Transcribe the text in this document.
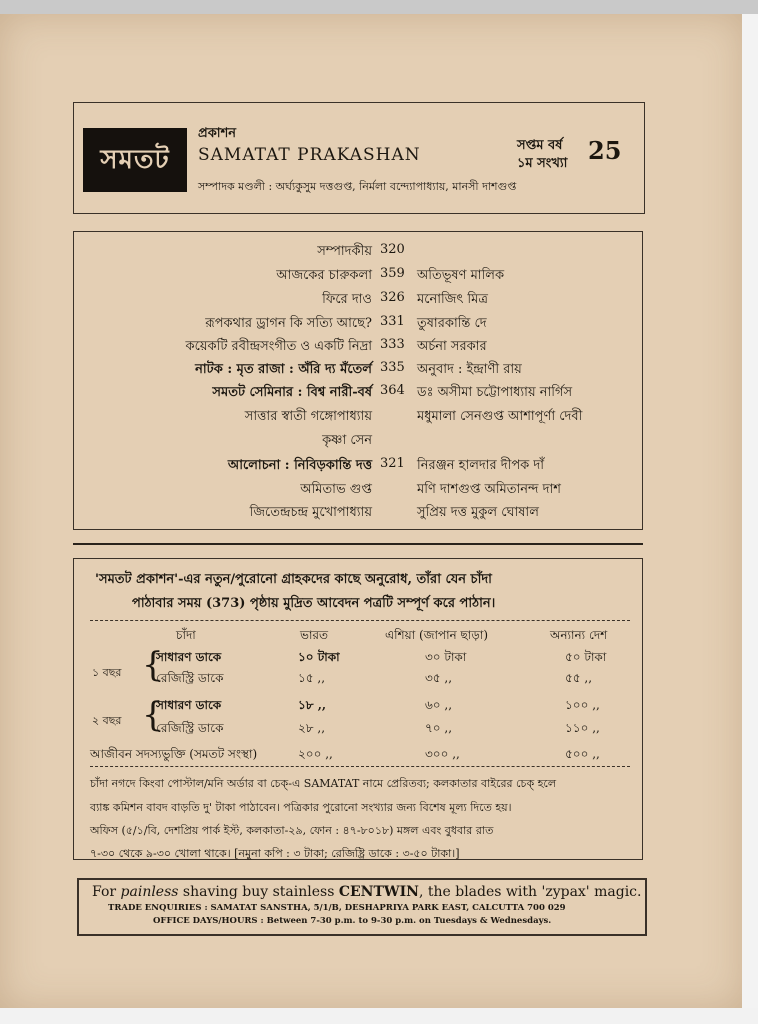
সমতট
প্রকাশন
SAMATAT PRAKASHAN	সপ্তম বর্ষ
১ম সংখ্যা 25
সম্পাদক মণ্ডলী : অর্ঘ্যকুসুম দত্তগুপ্ত, নির্মলা বন্দ্যোপাধ্যায়, মানসী দাশগুপ্ত
সম্পাদকীয় 320
আজকের চারুকলা 359 অতিভূষণ মালিক
ফিরে দাও 326 মনোজিৎ মিত্র
রূপকথার ড্রাগন কি সত্যি আছে? 331 তুষারকান্তি দে
কয়েকটি রবীন্দ্রসংগীত ও একটি নিদ্রা 333 অর্চনা সরকার
নাটক : মৃত রাজা : অঁরি দ্য মঁতের্ল 335 অনুবাদ : ইন্দ্রাণী রায়
সমতট সেমিনার : বিশ্ব নারী-বর্ষ 364 ডঃ অসীমা চট্টোপাধ্যায় নার্গিস
সাত্তার স্বাতী গঙ্গোপাধ্যায়	মধুমালা সেনগুপ্ত আশাপূর্ণা দেবী
কৃষ্ণা সেন
আলোচনা : নিবিড়কান্তি দত্ত 321 নিরঞ্জন হালদার দীপক দাঁ
অমিতাভ গুপ্ত	মণি দাশগুপ্ত অমিতানন্দ দাশ
জিতেন্দ্রচন্দ্র মুখোপাধ্যায়	সুপ্রিয় দত্ত মুকুল ঘোষাল
'সমতট প্রকাশন'-এর নতুন/পুরোনো গ্রাহকদের কাছে অনুরোধ, তাঁরা যেন চাঁদা
পাঠাবার সময় (373) পৃষ্ঠায় মুদ্রিত আবেদন পত্রটি সম্পূর্ণ করে পাঠান।
চাঁদা	ভারত	এশিয়া (জাপান ছাড়া)	অন্যান্য দেশ
১ বছর
সাধারণ ডাকে	১০ টাকা	৩০ টাকা	৫০ টাকা
রেজিস্ট্রি ডাকে	১৫ ,,	৩৫ ,,	৫৫ ,,
২ বছর
সাধারণ ডাকে	১৮ ,,	৬০ ,,	১০০ ,,
রেজিস্ট্রি ডাকে	২৮ ,,	৭০ ,,	১১০ ,,
আজীবন সদস্যভুক্তি (সমতট সংস্থা)	২০০ ,,	৩০০ ,,	৫০০ ,,
{
{
চাঁদা নগদে কিংবা পোস্টাল/মনি অর্ডার বা চেক্‌-এ SAMATAT নামে প্রেরিতব্য; কলকাতার বাইরের চেক্‌ হলে
ব্যাঙ্ক কমিশন বাবদ বাড়তি দু' টাকা পাঠাবেন। পত্রিকার পুরোনো সংখ্যার জন্য বিশেষ মূল্য দিতে হয়।
অফিস (৫/১/বি, দেশপ্রিয় পার্ক ইস্ট, কলকাতা-২৯, ফোন : ৪৭-৮০১৮) মঙ্গল এবং বুধবার রাত
৭-৩০ থেকে ৯-৩০ খোলা থাকে। [নমুনা কপি : ৩ টাকা; রেজিষ্ট্রি ডাকে : ৩-৫০ টাকা।]
For painless shaving buy stainless CENTWIN, the blades with 'zypax' magic.
TRADE ENQUIRIES : SAMATAT SANSTHA, 5/1/B, DESHAPRIYA PARK EAST, CALCUTTA 700 029
OFFICE DAYS/HOURS : Between 7-30 p.m. to 9-30 p.m. on Tuesdays & Wednesdays.
